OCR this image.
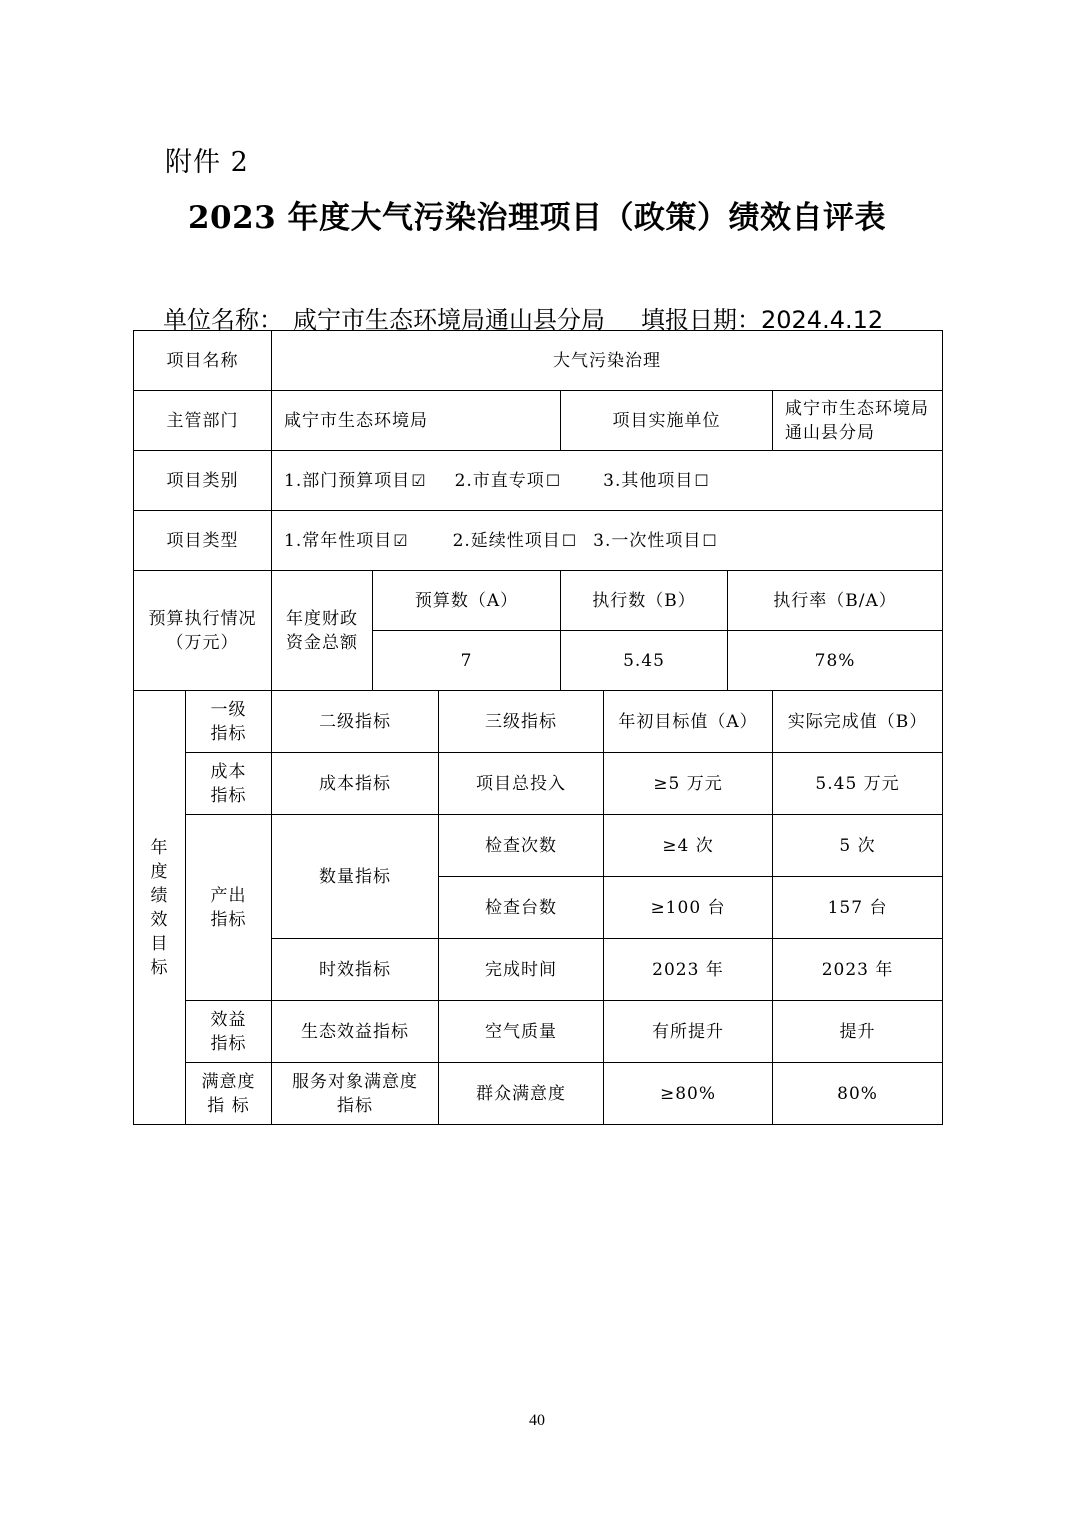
附件 2
2023 年度大气污染治理项目（政策）绩效自评表
单位名称： 咸宁市生态环境局通山县分局 填报日期：2024.4.12
项目名称		大气污染治理						
主管部门		咸宁市生态环境局			项目实施单位			咸宁市生态环境局通山县分局
项目类别		1.部门预算项目☑ 2.市直专项☐ 3.其他项目☐						
项目类型		1.常年性项目☑ 2.延续性项目☐ 3.一次性项目☐						
预算执行情况（万元）		年度财政资金总额	预算数（A）		执行数（B）		执行率（B/A）	
			7		5.45		78%	
年度绩效目标	一级指标	二级指标		三级指标		年初目标值（A）		实际完成值（B）
	成本指标	成本指标		项目总投入		≥5 万元		5.45 万元
	产出指标	数量指标		检查次数		≥4 次		5 次
				检查台数		≥100 台		157 台
		时效指标		完成时间		2023 年		2023 年
	效益指标	生态效益指标		空气质量		有所提升		提升
	满意度指 标	服务对象满意度指标		群众满意度		≥80%		80%
40
